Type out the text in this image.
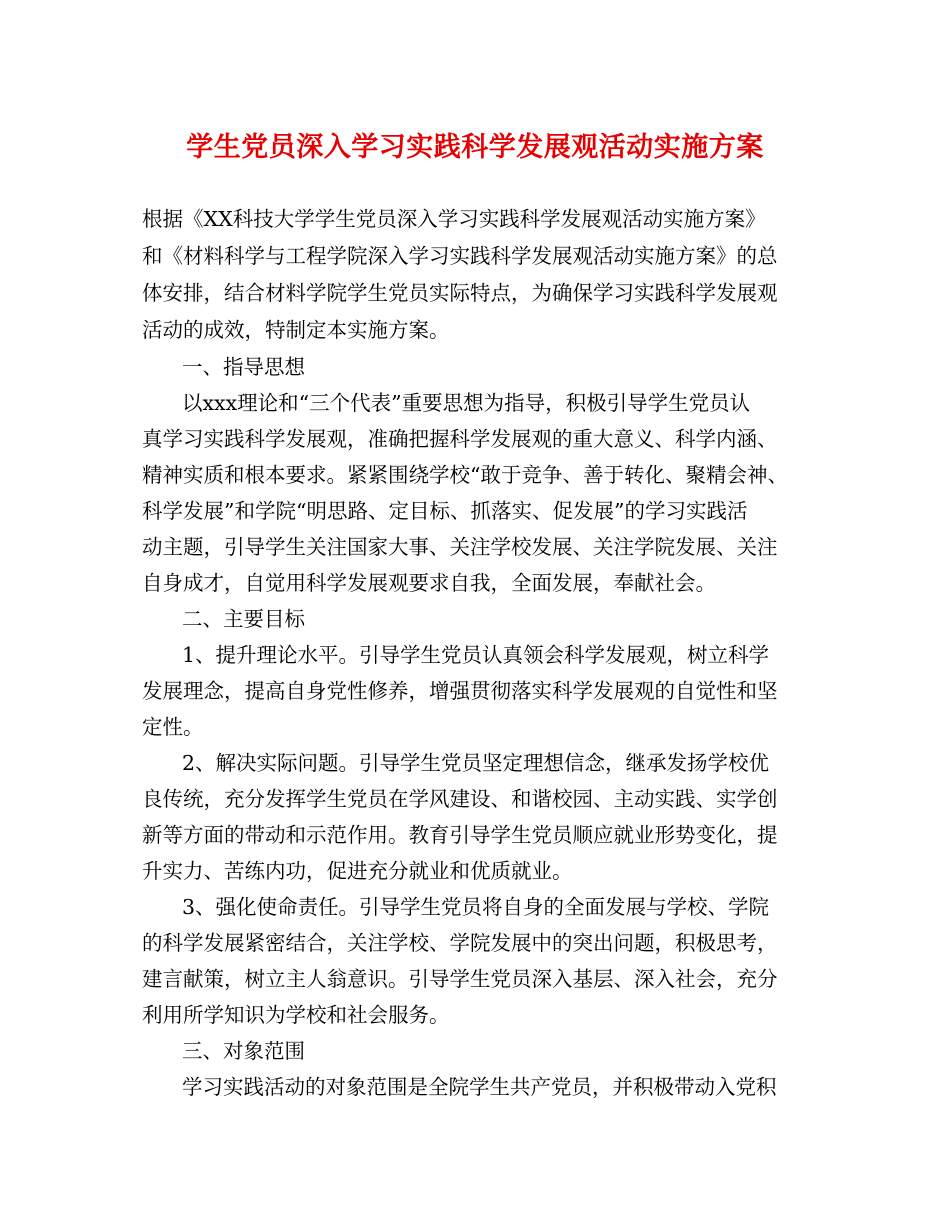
学生党员深入学习实践科学发展观活动实施方案
根据《XX科技大学学生党员深入学习实践科学发展观活动实施方案》
和《材料科学与工程学院深入学习实践科学发展观活动实施方案》的总
体安排，结合材料学院学生党员实际特点，为确保学习实践科学发展观
活动的成效，特制定本实施方案。
一、指导思想
以xxx理论和“三个代表”重要思想为指导，积极引导学生党员认
真学习实践科学发展观，准确把握科学发展观的重大意义、科学内涵、
精神实质和根本要求。紧紧围绕学校“敢于竞争、善于转化、聚精会神、
科学发展”和学院“明思路、定目标、抓落实、促发展”的学习实践活
动主题，引导学生关注国家大事、关注学校发展、关注学院发展、关注
自身成才，自觉用科学发展观要求自我，全面发展，奉献社会。
二、主要目标
1、提升理论水平。引导学生党员认真领会科学发展观，树立科学
发展理念，提高自身党性修养，增强贯彻落实科学发展观的自觉性和坚
定性。
2、解决实际问题。引导学生党员坚定理想信念，继承发扬学校优
良传统，充分发挥学生党员在学风建设、和谐校园、主动实践、实学创
新等方面的带动和示范作用。教育引导学生党员顺应就业形势变化，提
升实力、苦练内功，促进充分就业和优质就业。
3、强化使命责任。引导学生党员将自身的全面发展与学校、学院
的科学发展紧密结合，关注学校、学院发展中的突出问题，积极思考，
建言献策，树立主人翁意识。引导学生党员深入基层、深入社会，充分
利用所学知识为学校和社会服务。
三、对象范围
学习实践活动的对象范围是全院学生共产党员，并积极带动入党积
